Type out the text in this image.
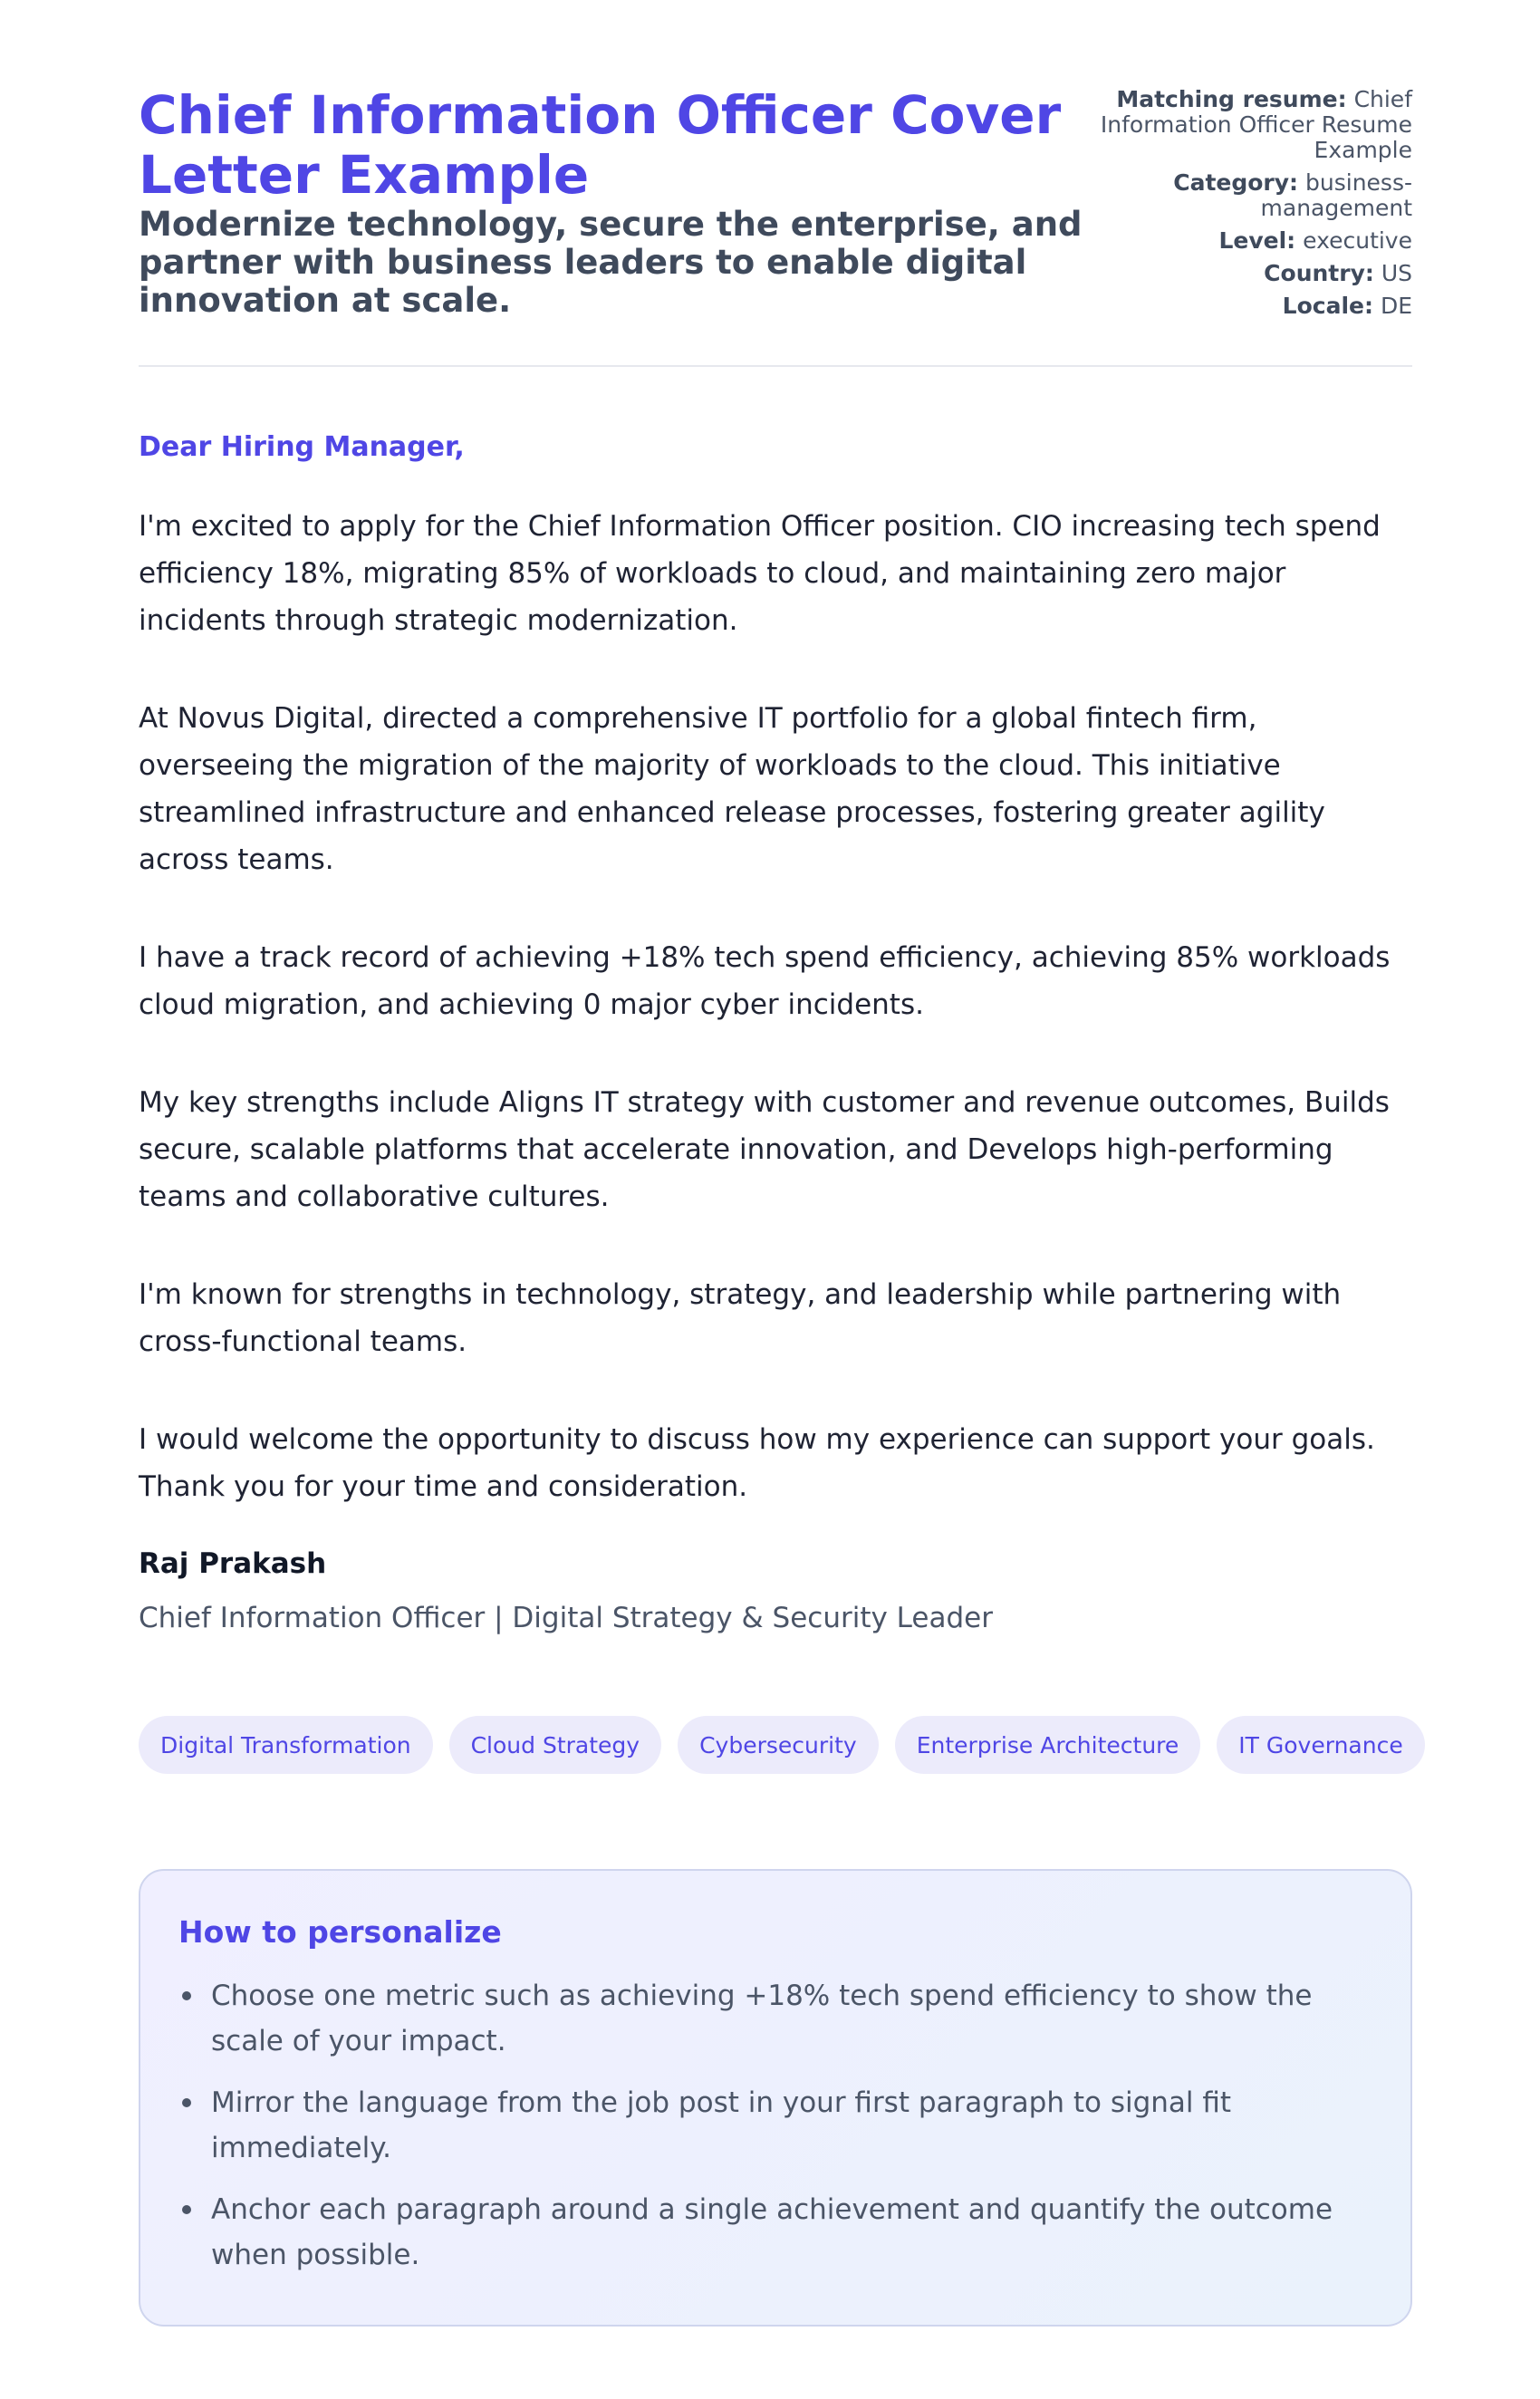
Chief Information Officer Cover Letter Example
Modernize technology, secure the enterprise, and partner with business leaders to enable digital innovation at scale.
Matching resume: Chief Information Officer Resume Example
Category: business-management
Level: executive
Country: US
Locale: DE
Dear Hiring Manager,

I'm excited to apply for the Chief Information Officer position. CIO increasing tech spend efficiency 18%, migrating 85% of workloads to cloud, and maintaining zero major incidents through strategic modernization.

At Novus Digital, directed a comprehensive IT portfolio for a global fintech firm, overseeing the migration of the majority of workloads to the cloud. This initiative streamlined infrastructure and enhanced release processes, fostering greater agility across teams.

I have a track record of achieving +18% tech spend efficiency, achieving 85% workloads cloud migration, and achieving 0 major cyber incidents.

My key strengths include Aligns IT strategy with customer and revenue outcomes, Builds secure, scalable platforms that accelerate innovation, and Develops high-performing teams and collaborative cultures.

I'm known for strengths in technology, strategy, and leadership while partnering with cross-functional teams.

I would welcome the opportunity to discuss how my experience can support your goals. Thank you for your time and consideration.

Raj Prakash
Chief Information Officer | Digital Strategy & Security Leader
Digital Transformation	Cloud Strategy	Cybersecurity	Enterprise Architecture	IT Governance
How to personalize
Choose one metric such as achieving +18% tech spend efficiency to show the scale of your impact.
Mirror the language from the job post in your first paragraph to signal fit immediately.
Anchor each paragraph around a single achievement and quantify the outcome when possible.
